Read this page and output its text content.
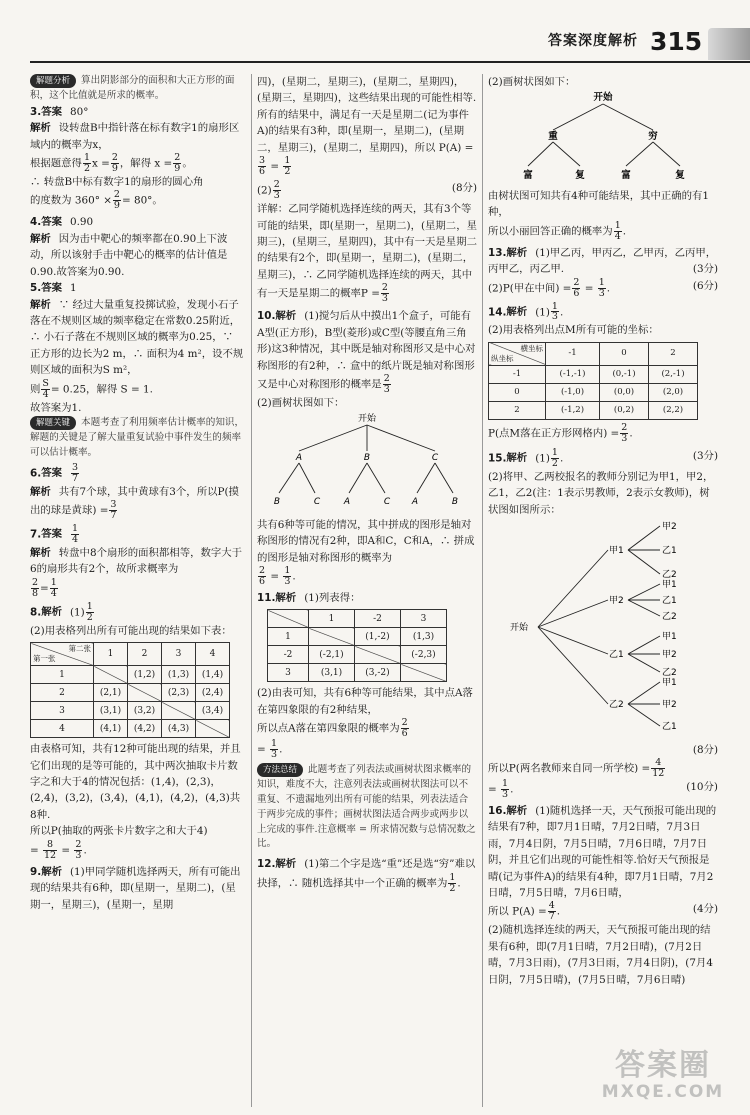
答案深度解析 315

解题分析 算出阴影部分的面积和大正方形的面积，这个比值就是所求的概率。

3.答案 80°

解析 设转盘B中指针落在标有数字1的扇形区域内的概率为x，

根据题意得 $\frac{1}{2}$ $x = \frac{2}{9}$ ，解得 $x = \frac{2}{9}$ 。

∴ 转盘B中标有数字1的扇形的圆心角

的度数为 $360^\circ \times \frac{2}{9} = 80^\circ$。

4.答案 0.90

解析 因为击中靶心的频率都在0.90上下波动，所以该射手击中靶心的概率的估计值是0.90.故答案为0.90.

5.答案 1

解析 ∵ 经过大量重复投掷试验，发现小石子落在不规则区域的频率稳定在常数0.25附近，∴ 小石子落在不规则区域的概率为0.25，∵ 正方形的边长为2 m，∴ 面积为4 m²，设不规则区域的面积为S m²，

则 $\frac{S}{4} = 0.25$，解得 S = 1.

故答案为1.

解题关键 本题考查了利用频率估计概率的知识，解题的关键是了解大量重复试验中事件发生的频率可以估计概率。

6.答案 $\frac{3}{7}$

解析 共有7个球，其中黄球有3个，所以P(摸出的球是黄球) = $\frac{3}{7}$

7.答案 $\frac{1}{4}$

解析 转盘中8个扇形的面积都相等，数字大于6的扇形共有2个，故所求概率为

$\frac{2}{8} = \frac{1}{4}$

8.解析 $(1) \frac{1}{2}$

(2)用表格列出所有可能出现的结果如下表：

第二张
第一张	1	2	3	4
1		(1,2)	(1,3)	(1,4)
2	(2,1)		(2,3)	(2,4)
3	(3,1)	(3,2)		(3,4)
4	(4,1)	(4,2)	(4,3)	

由表格可知，共有12种可能出现的结果，并且它们出现的是等可能的，其中两次抽取卡片数字之和大于4的情况包括：(1,4)，(2,3)，(2,4)，(3,2)，(3,4)，(4,1)，(4,2)，(4,3)共8种.

所以P(抽取的两张卡片数字之和大于4)

= $\frac{8}{12} = \frac{2}{3}$ .

9.解析 (1)甲同学随机选择两天，所有可能出现的结果共有6种，即(星期一，星期二)，(星期一，星期三)，(星期一，星期

四)，(星期二，星期三)，(星期二，星期四)，(星期三，星期四)，这些结果出现的可能性相等.所有的结果中，满足有一天是星期二(记为事件A)的结果有3种，即(星期一，星期二)，(星期二，星期三)，(星期二，星期四)，所以 P(A) =
$\frac{3}{6} = \frac{1}{2}$

$(2) \frac{2}{3}$	(8分)

详解：乙同学随机选择连续的两天，其有3个等可能的结果，即(星期一，星期二)，(星期二，星期三)，(星期三，星期四)，其中有一天是星期二的结果有2个，即(星期一，星期二)，(星期二，星期三)，∴ 乙同学随机选择连续的两天，其中有一天是星期二的概率$P = \frac{2}{3}$

10.解析 (1)搅匀后从中摸出1个盒子，可能有A型(正方形)，B型(菱形)或C型(等腰直角三角形)这3种情况，其中既是轴对称图形又是中心对称图形的有2种，∴ 盒中的纸片既是轴对称图形又是中心对称图形的概率是 $\frac{2}{3}$

(2)画树状图如下：

开始
A	B	C
B	C	A	C A	B

共有6种等可能的情况，其中拼成的图形是轴对称图形的情况有2种，即A和C，C和A，∴ 拼成的图形是轴对称图形的概率为

$\frac{2}{6} = \frac{1}{3}$ .

11.解析 (1)列表得：

	1	-2	3
1		(1,-2)	(1,3)
-2	(-2,1)		(-2,3)
3	(3,1)	(3,-2)	

(2)由表可知，共有6种等可能结果，其中点A落在第四象限的有2种结果，

所以点A落在第四象限的概率为 $\frac{2}{6}$

= $\frac{1}{3}$ .

方法总结 此题考查了列表法或画树状图求概率的知识，难度不大，注意列表法或画树状图法可以不重复、不遗漏地列出所有可能的结果，列表法适合于两步完成的事件；画树状图法适合两步或两步以上完成的事件.注意概率 = 所求情况数与总情况数之比。

12.解析 (1)第二个字是选“重”还是选“穷”难以抉择，∴ 随机选择其中一个正确的概率为 $\frac{1}{2}$ .

(2)画树状图如下：

开始
重	穷
富	复	富	复

由树状图可知共有4种可能结果，其中正确的有1种，

所以小丽回答正确的概率为 $\frac{1}{4}$ .

13.解析 (1)甲乙丙，甲丙乙，乙甲丙，乙丙甲，丙甲乙，丙乙甲.	(3分)

(2)P(甲在中间) = $\frac{2}{6} = \frac{1}{3}$ .	(6分)

14.解析 $(1) \frac{1}{3}$ .

(2)用表格列出点M所有可能的坐标：

横坐标
纵坐标	-1	0	2
-1	(-1,-1)	(0,-1)	(2,-1)
0	(-1,0)	(0,0)	(2,0)
2	(-1,2)	(0,2)	(2,2)

P(点M落在正方形网格内) = $\frac{2}{3}$ .

15.解析 $(1) \frac{1}{2}$ .	(3分)

(2)将甲、乙两校报名的教师分别记为甲1，甲2，乙1，乙2(注：1表示男教师，2表示女教师)，树状图如图所示：

开始
甲1
甲2
乙1
乙2
甲2
乙1
乙2
甲1
乙1
乙2
甲1
甲2
乙2
甲1
甲2
乙1

(8分)

所以P(两名教师来自同一所学校) = $\frac{4}{12}$

= $\frac{1}{3}$ .	(10分)

16.解析 (1)随机选择一天，天气预报可能出现的结果有7种，即7月1日晴，7月2日晴，7月3日雨，7月4日阴，7月5日晴，7月6日晴，7月7日阴，并且它们出现的可能性相等.恰好天气预报是晴(记为事件A)的结果有4种，即7月1日晴，7月2日晴，7月5日晴，7月6日晴，

所以 $P(A) = \frac{4}{7}$ .	(4分)

(2)随机选择连续的两天，天气预报可能出现的结果有6种，即(7月1日晴，7月2日晴)，(7月2日晴，7月3日雨)，(7月3日雨，7月4日阴)，(7月4日阴，7月5日晴)，(7月5日晴，7月6日晴)

答案圈
MXQE.COM
